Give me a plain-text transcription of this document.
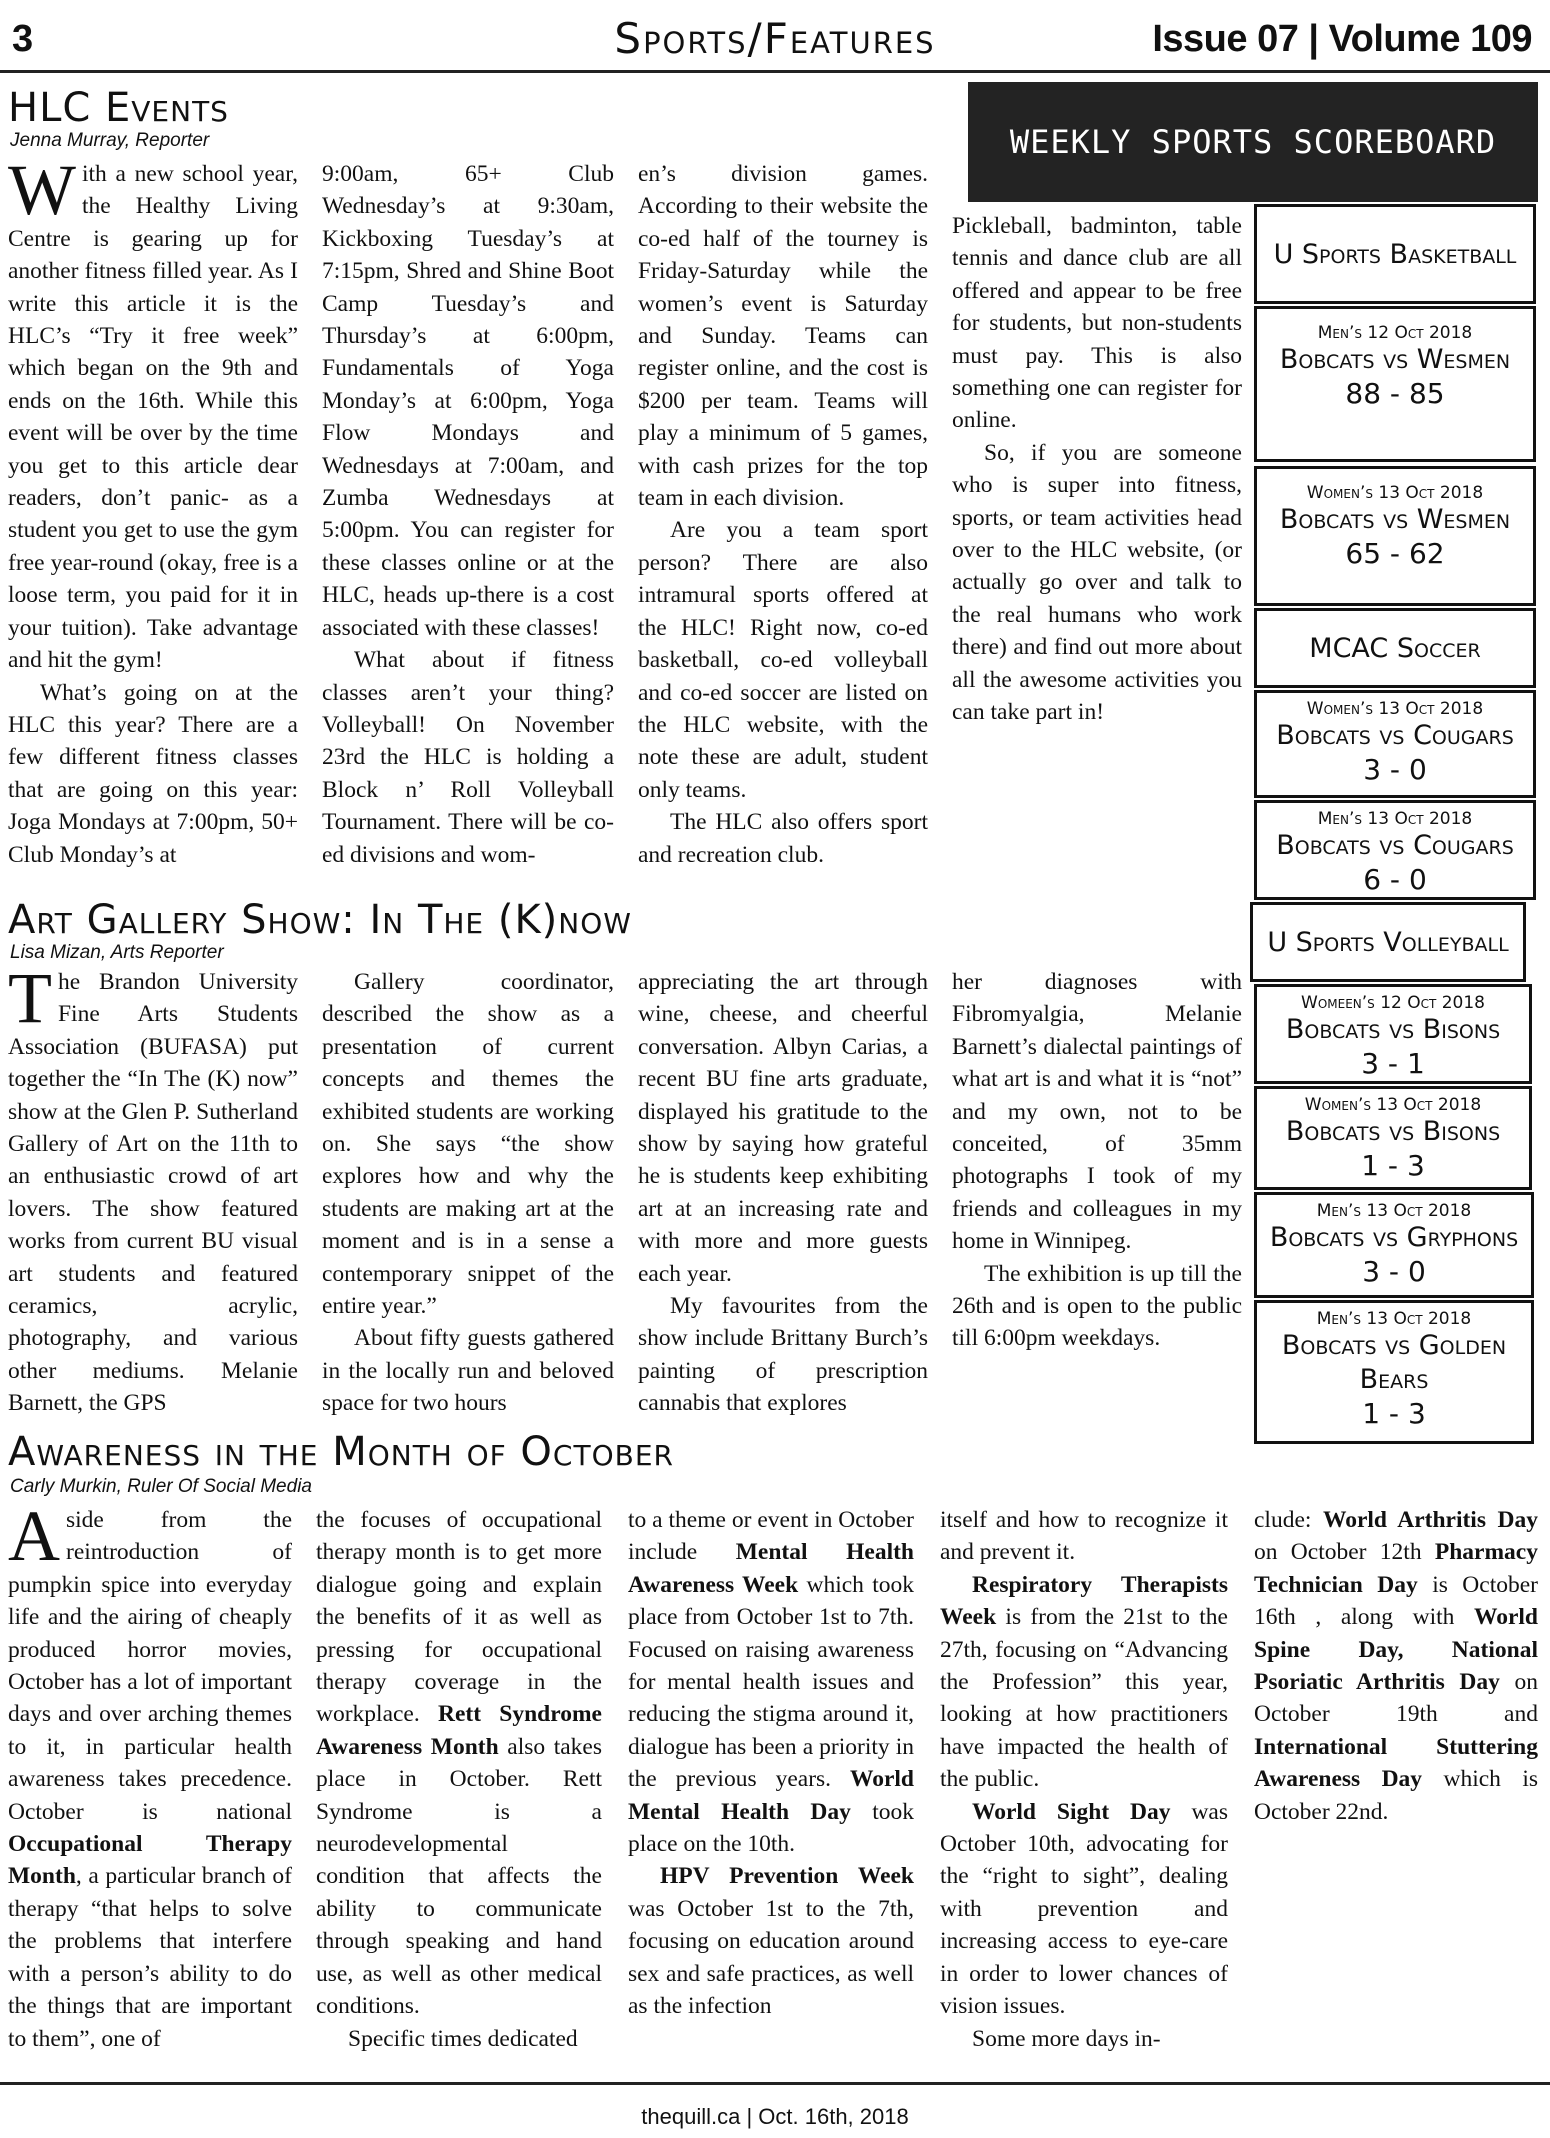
3	Sports/Features	Issue 07 | Volume 109
HLC Events
Jenna Murray, Reporter

With a new school year, the Healthy Living Centre is gearing up for another fitness filled year. As I write this article it is the HLC’s “Try it free week” which began on the 9th and ends on the 16th. While this event will be over by the time you get to this article dear readers, don’t panic- as a student you get to use the gym free year-round (okay, free is a loose term, you paid for it in your tuition). Take advantage and hit the gym!

What’s going on at the HLC this year? There are a few different fitness classes that are going on this year: Joga Mondays at 7:00pm, 50+ Club Monday’s at

9:00am, 65+ Club Wednesday’s at 9:30am, Kickboxing Tuesday’s at 7:15pm, Shred and Shine Boot Camp Tuesday’s and Thursday’s at 6:00pm, Fundamentals of Yoga Monday’s at 6:00pm, Yoga Flow Mondays and Wednesdays at 7:00am, and Zumba Wednesdays at 5:00pm. You can register for these classes online or at the HLC, heads up-there is a cost associated with these classes!

What about if fitness classes aren’t your thing? Volleyball! On November 23rd the HLC is holding a Block n’ Roll Volleyball Tournament. There will be co-ed divisions and wom-

en’s division games. According to their website the co-ed half of the tourney is Friday-Saturday while the women’s event is Saturday and Sunday. Teams can register online, and the cost is $200 per team. Teams will play a minimum of 5 games, with cash prizes for the top team in each division.

Are you a team sport person? There are also intramural sports offered at the HLC! Right now, co-ed basketball, co-ed volleyball and co-ed soccer are listed on the HLC website, with the note these are adult, student only teams.

The HLC also offers sport and recreation club.

Pickleball, badminton, table tennis and dance club are all offered and appear to be free for students, but non-students must pay. This is also something one can register for online.

So, if you are someone who is super into fitness, sports, or team activities head over to the HLC website, (or actually go over and talk to the real humans who work there) and find out more about all the awesome activities you can take part in!

Art Gallery Show: In The (K)now
Lisa Mizan, Arts Reporter

The Brandon University Fine Arts Students Association (BUFASA) put together the “In The (K) now” show at the Glen P. Sutherland Gallery of Art on the 11th to an enthusiastic crowd of art lovers. The show featured works from current BU visual art students and featured ceramics, acrylic, photography, and various other mediums. Melanie Barnett, the GPS

Gallery coordinator, described the show as a presentation of current concepts and themes the exhibited students are working on. She says “the show explores how and why the students are making art at the moment and is in a sense a contemporary snippet of the entire year.”

About fifty guests gathered in the locally run and beloved space for two hours

appreciating the art through wine, cheese, and cheerful conversation. Albyn Carias, a recent BU fine arts graduate, displayed his gratitude to the show by saying how grateful he is students keep exhibiting art at an increasing rate and with more and more guests each year.

My favourites from the show include Brittany Burch’s painting of prescription cannabis that explores

her diagnoses with Fibromyalgia, Melanie Barnett’s dialectal paintings of what art is and what it is “not” and my own, not to be conceited, of 35mm photographs I took of my friends and colleagues in my home in Winnipeg.

The exhibition is up till the 26th and is open to the public till 6:00pm weekdays.

Awareness in the Month of October
Carly Murkin, Ruler Of Social Media

Aside from the reintroduction of pumpkin spice into everyday life and the airing of cheaply produced horror movies, October has a lot of important days and over arching themes to it, in particular health awareness takes precedence. October is national Occupational Therapy Month, a particular branch of therapy “that helps to solve the problems that interfere with a person’s ability to do the things that are important to them”, one of

the focuses of occupational therapy month is to get more dialogue going and explain the benefits of it as well as pressing for occupational therapy coverage in the workplace. Rett Syndrome Awareness Month also takes place in October. Rett Syndrome is a neurodevelopmental condition that affects the ability to communicate through speaking and hand use, as well as other medical conditions.

Specific times dedicated

to a theme or event in October include Mental Health Awareness Week which took place from October 1st to 7th. Focused on raising awareness for mental health issues and reducing the stigma around it, dialogue has been a priority in the previous years. World Mental Health Day took place on the 10th.

HPV Prevention Week was October 1st to the 7th, focusing on education around sex and safe practices, as well as the infection

itself and how to recognize it and prevent it.

Respiratory Therapists Week is from the 21st to the 27th, focusing on “Advancing the Profession” this year, looking at how practitioners have impacted the health of the public.

World Sight Day was October 10th, advocating for the “right to sight”, dealing with prevention and increasing access to eye-care in order to lower chances of vision issues.

Some more days in-

clude: World Arthritis Day on October 12th Pharmacy Technician Day is October 16th , along with World Spine Day, National Psoriatic Arthritis Day on October 19th and International Stuttering Awareness Day which is October 22nd.

WEEKLY SPORTS SCOREBOARD
U Sports Basketball
Men’s 12 Oct 2018
Bobcats vs Wesmen
88 - 85
Women’s 13 Oct 2018
Bobcats vs Wesmen
65 - 62
MCAC Soccer
Women’s 13 Oct 2018
Bobcats vs Cougars
3 - 0
Men’s 13 Oct 2018
Bobcats vs Cougars
6 - 0
U Sports Volleyball
Womeen’s 12 Oct 2018
Bobcats vs Bisons
3 - 1
Women’s 13 Oct 2018
Bobcats vs Bisons
1 - 3
Men’s 13 Oct 2018
Bobcats vs Gryphons
3 - 0
Men’s 13 Oct 2018
Bobcats vs Golden Bears
1 - 3
thequill.ca | Oct. 16th, 2018
